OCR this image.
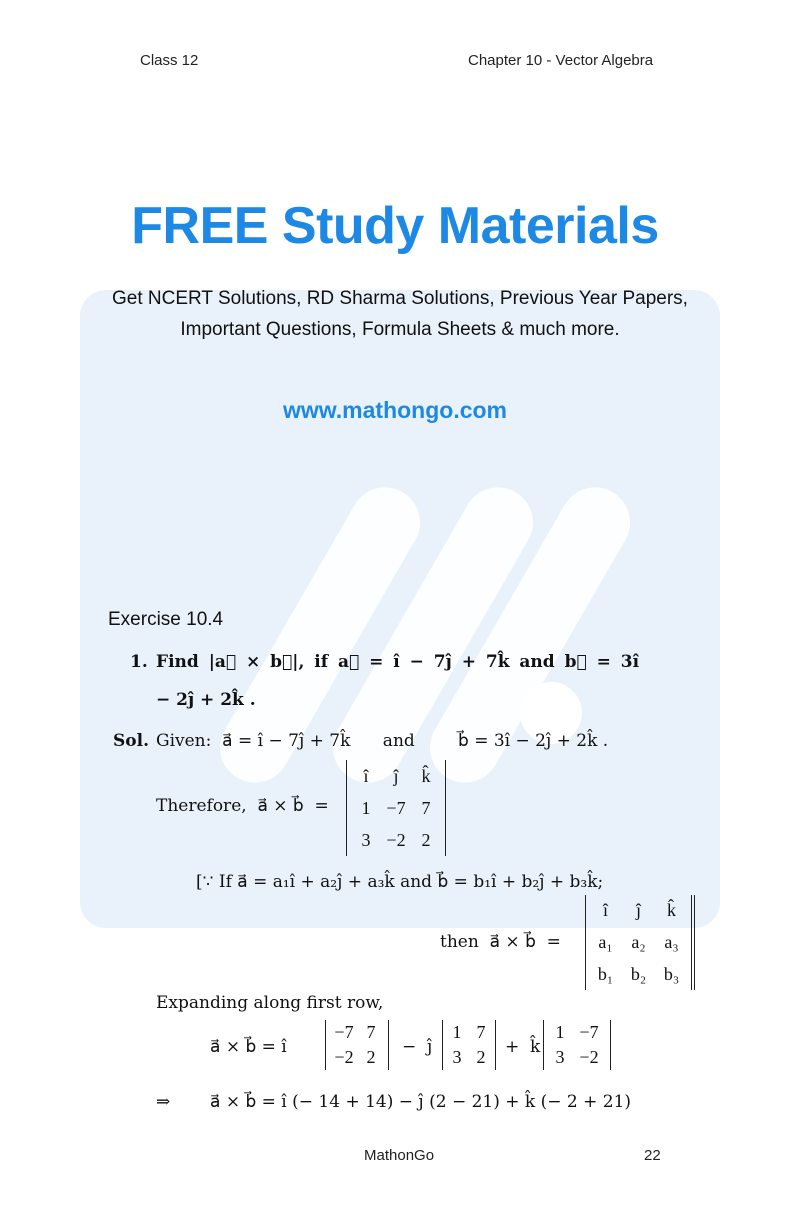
Class 12	Chapter 10 - Vector Algebra
FREE Study Materials
Get NCERT Solutions, RD Sharma Solutions, Previous Year Papers,
Important Questions, Formula Sheets & much more.
www.mathongo.com
Exercise 10.4
1. Find |a⃗ × b⃗|, if a⃗ = î − 7ĵ + 7k̂ and b⃗ = 3î
− 2ĵ + 2k̂ .
Sol. Given:  a⃗ = î − 7ĵ + 7k̂      and        b⃗ = 3î − 2ĵ + 2k̂ .
Therefore,  a⃗ × b⃗  =
î	ĵ	k̂
1 −7 7
3 −2 2
[∵ If a⃗ = a₁î + a₂ĵ + a₃k̂ and b⃗ = b₁î + b₂ĵ + b₃k̂;
then  a⃗ × b⃗  =
î	ĵ	k̂
a₁	a₂	a₃
b₁ b₂ b₃
Expanding along first row,
a⃗ × b⃗ = î
−7 7
−2 2	−  ĵ
1 7
3 2	+  k̂
1 −7
3 −2
⇒ a⃗ × b⃗ = î (− 14 + 14) − ĵ (2 − 21) + k̂ (− 2 + 21)
MathonGo	22
